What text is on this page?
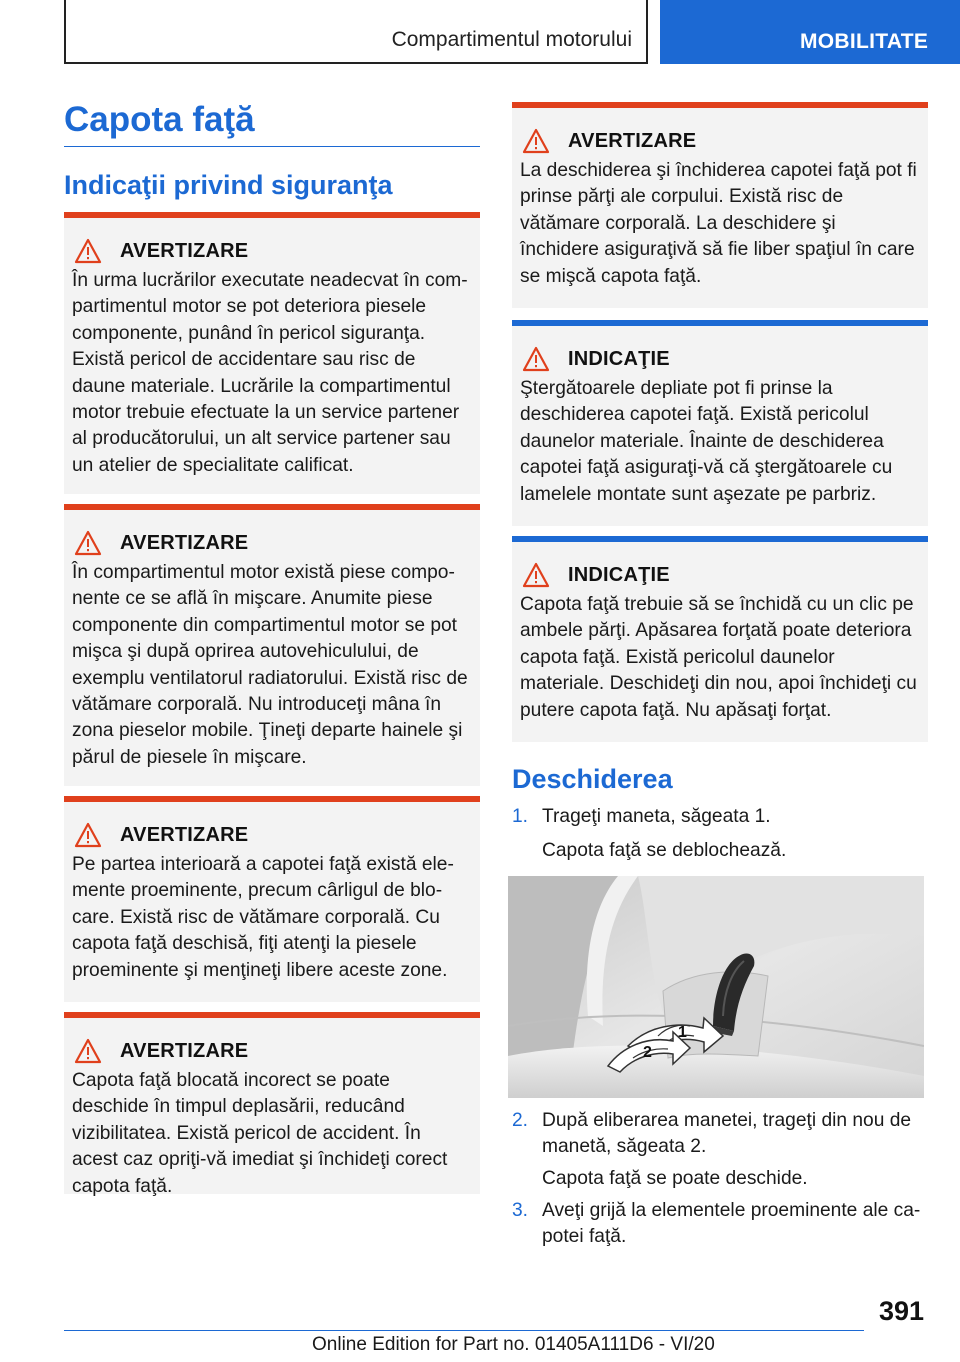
Compartimentul motorului	MOBILITATE
Capota faţă
Indicaţii privind siguranţa
AVERTIZARE
În urma lucrărilor executate neadecvat în compartimentul motor se pot deteriora piesele componente, punând în pericol siguranţa. Există pericol de accidentare sau risc de daune materiale. Lucrările la compartimentul motor trebuie efectuate la un service partener al producătorului, un alt service partener sau un atelier de specialitate calificat.
AVERTIZARE
În compartimentul motor există piese componente ce se află în mişcare. Anumite piese componente din compartimentul motor se pot mişca şi după oprirea autovehiculului, de exemplu ventilatorul radiatorului. Există risc de vătămare corporală. Nu introduceţi mâna în zona pieselor mobile. Ţineţi departe hainele şi părul de piesele în mişcare.
AVERTIZARE
Pe partea interioară a capotei faţă există elemente proeminente, precum cârligul de blocare. Există risc de vătămare corporală. Cu capota faţă deschisă, fiţi atenţi la piesele proeminente şi menţineţi libere aceste zone.
AVERTIZARE
Capota faţă blocată incorect se poate deschide în timpul deplasării, reducând vizibilitatea. Există pericol de accident. În acest caz opriţi-vă imediat şi închideţi corect capota faţă.
AVERTIZARE
La deschiderea şi închiderea capotei faţă pot fi prinse părţi ale corpului. Există risc de vătămare corporală. La deschidere şi închidere asiguraţivă să fie liber spaţiul în care se mişcă capota faţă.
INDICAŢIE
Ştergătoarele depliate pot fi prinse la deschiderea capotei faţă. Există pericolul daunelor materiale. Înainte de deschiderea capotei faţă asiguraţi-vă că ştergătoarele cu lamelele montate sunt aşezate pe parbriz.
INDICAŢIE
Capota faţă trebuie să se închidă cu un clic pe ambele părţi. Apăsarea forţată poate deteriora capota faţă. Există pericolul daunelor materiale. Deschideţi din nou, apoi închideţi cu putere capota faţă. Nu apăsaţi forţat.
Deschiderea
1. Trageţi maneta, săgeata 1.
Capota faţă se deblochează.
1
2
2. După eliberarea manetei, trageţi din nou de manetă, săgeata 2.
Capota faţă se poate deschide.
3. Aveţi grijă la elementele proeminente ale capotei faţă.
391
Online Edition for Part no. 01405A111D6 - VI/20
